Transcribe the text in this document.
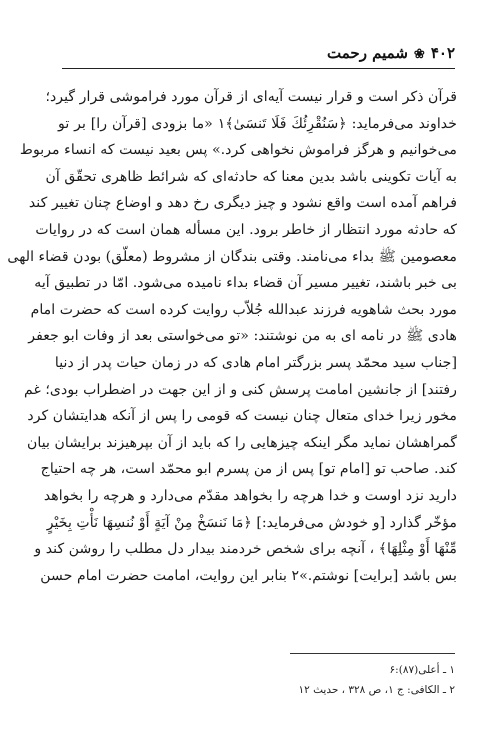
۴۰۲
❀
شمیم رحمت
قرآن ذکر است و قرار نیست آیه‌ای از قرآن مورد فراموشی قرار گیرد؛
خداوند می‌فرماید: ﴿سَنُقْرِئُكَ فَلَا تَنسَىٰ﴾۱ «ما بزودی [قرآن را] بر تو
می‌خوانیم و هرگز فراموش نخواهی کرد.» پس بعید نیست که انساء مربوط
به آیات تکوینی باشد بدین معنا که حادثه‌ای که شرائط ظاهری تحقّق آن
فراهم آمده است واقع نشود و چیز دیگری رخ دهد و اوضاع چنان تغییر کند
که حادثه مورد انتظار از خاطر برود. این مسأله همان است که در روایات
معصومین ﷺ بداء می‌نامند. وقتی بندگان از مشروط (معلّق) بودن قضاء الهی
بی خبر باشند، تغییر مسیر آن قضاء بداء نامیده می‌شود. امّا در تطبیق آیه
مورد بحث شاهویه فرزند عبدالله جُلاّب روایت کرده است که حضرت امام
هادی ﷺ در نامه ای به من نوشتند: «تو می‌خواستی بعد از وفات ابو جعفر
[جناب سید محمّد پسر بزرگتر امام هادی که در زمان حیات پدر از دنیا
رفتند] از جانشین امامت پرسش کنی و از این جهت در اضطراب بودی؛ غم
مخور زیرا خدای متعال چنان نیست که قومی را پس از آنکه هدایتشان کرد
گمراهشان نماید مگر اینکه چیزهایی را که باید از آن بپرهیزند برایشان بیان
کند. صاحب تو [امام تو] پس از من پسرم ابو محمّد است، هر چه احتیاج
دارید نزد اوست و خدا هرچه را بخواهد مقدّم می‌دارد و هرچه را بخواهد
مؤخّر گذارد [و خودش می‌فرماید:] ﴿مَا نَنسَخْ مِنْ آيَةٍ أَوْ نُنسِهَا نَأْتِ بِخَيْرٍ
مِّنْهَا أَوْ مِثْلِهَا﴾ ، آنچه برای شخص خردمند بیدار دل مطلب را روشن کند و
بس باشد [برایت] نوشتم.»۲ بنابر این روایت، امامت حضرت امام حسن
۱ ـ أعلی(۸۷):۶
۲ ـ الکافی: ج ۱، ص ۳۲۸ ، حدیث ۱۲
